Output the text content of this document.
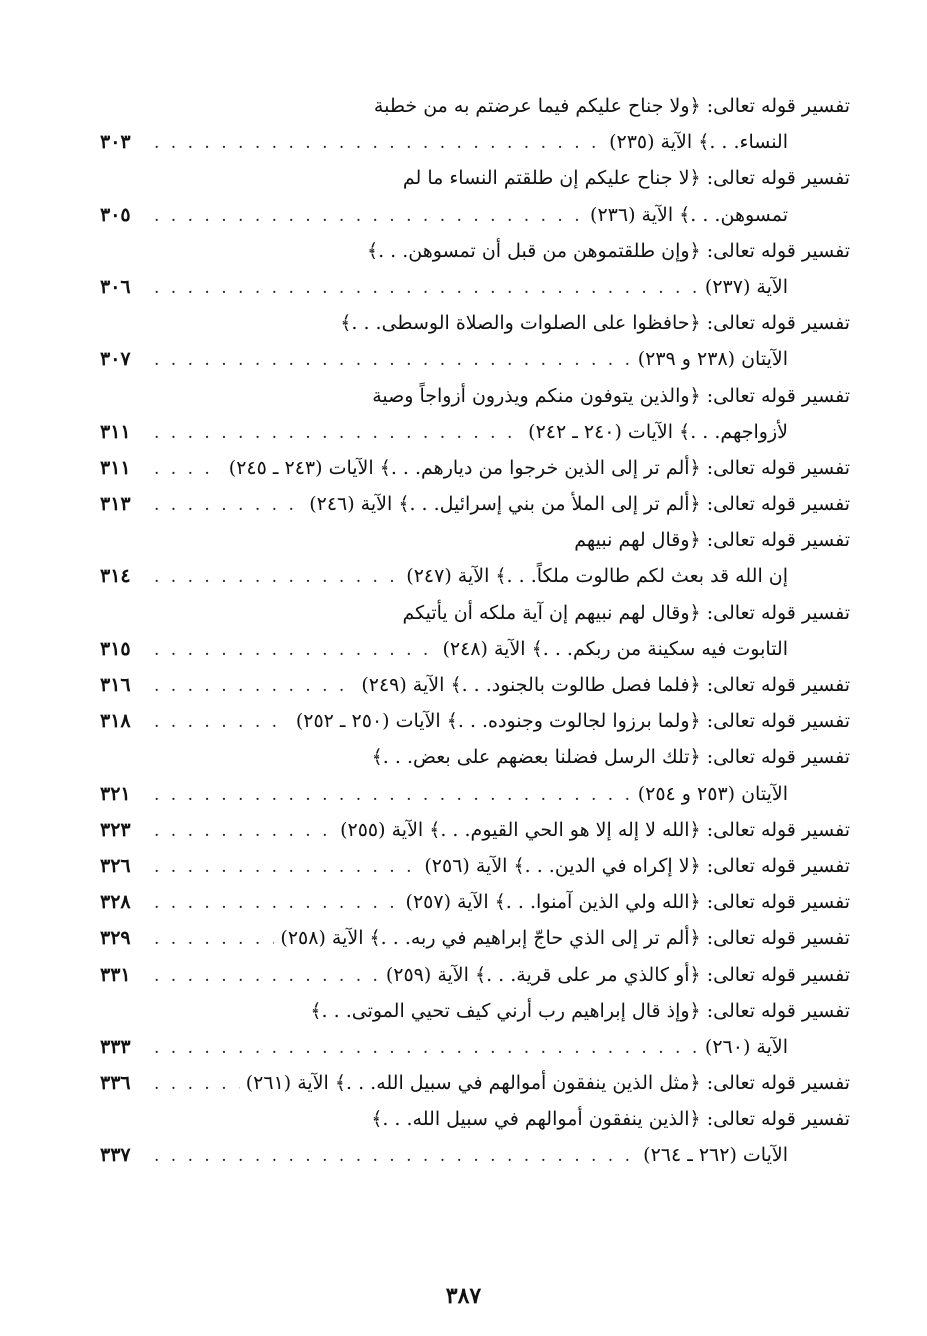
تفسير قوله تعالى: ﴿ولا جناح عليكم فيما عرضتم به من خطبة
النساء. . .﴾ الآية (٢٣٥)
. . .
٣٠٣
تفسير قوله تعالى: ﴿لا جناح عليكم إن طلقتم النساء ما لم
تمسوهن. . .﴾ الآية (٢٣٦)
. . .
٣٠٥
تفسير قوله تعالى: ﴿وإن طلقتموهن من قبل أن تمسوهن. . .﴾
الآية (٢٣٧)
. . .
٣٠٦
تفسير قوله تعالى: ﴿حافظوا على الصلوات والصلاة الوسطى. . .﴾
الآيتان (٢٣٨ و ٢٣٩)
. . .
٣٠٧
تفسير قوله تعالى: ﴿والذين يتوفون منكم ويذرون أزواجاً وصية
لأزواجهم. . .﴾ الآيات (٢٤٠ ـ ٢٤٢)
. . .
٣١١
تفسير قوله تعالى: ﴿ألم تر إلى الذين خرجوا من ديارهم. . .﴾ الآيات (٢٤٣ ـ ٢٤٥)
. . .
٣١١
تفسير قوله تعالى: ﴿ألم تر إلى الملأ من بني إسرائيل. . .﴾ الآية (٢٤٦)
. . .
٣١٣
تفسير قوله تعالى: ﴿وقال لهم نبيهم
إن الله قد بعث لكم طالوت ملكاً. . .﴾ الآية (٢٤٧)
. . .
٣١٤
تفسير قوله تعالى: ﴿وقال لهم نبيهم إن آية ملكه أن يأتيكم
التابوت فيه سكينة من ربكم. . .﴾ الآية (٢٤٨)
. . .
٣١٥
تفسير قوله تعالى: ﴿فلما فصل طالوت بالجنود. . .﴾ الآية (٢٤٩)
. . .
٣١٦
تفسير قوله تعالى: ﴿ولما برزوا لجالوت وجنوده. . .﴾ الآيات (٢٥٠ ـ ٢٥٢)
. . .
٣١٨
تفسير قوله تعالى: ﴿تلك الرسل فضلنا بعضهم على بعض. . .﴾
الآيتان (٢٥٣ و ٢٥٤)
. . .
٣٢١
تفسير قوله تعالى: ﴿الله لا إله إلا هو الحي القيوم. . .﴾ الآية (٢٥٥)
. . .
٣٢٣
تفسير قوله تعالى: ﴿لا إكراه في الدين. . .﴾ الآية (٢٥٦)
. . .
٣٢٦
تفسير قوله تعالى: ﴿الله ولي الذين آمنوا. . .﴾ الآية (٢٥٧)
. . .
٣٢٨
تفسير قوله تعالى: ﴿ألم تر إلى الذي حاجّ إبراهيم في ربه. . .﴾ الآية (٢٥٨)
. . .
٣٢٩
تفسير قوله تعالى: ﴿أو كالذي مر على قرية. . .﴾ الآية (٢٥٩)
. . .
٣٣١
تفسير قوله تعالى: ﴿وإذ قال إبراهيم رب أرني كيف تحيي الموتى. . .﴾
الآية (٢٦٠)
. . .
٣٣٣
تفسير قوله تعالى: ﴿مثل الذين ينفقون أموالهم في سبيل الله. . .﴾ الآية (٢٦١)
. . .
٣٣٦
تفسير قوله تعالى: ﴿الذين ينفقون أموالهم في سبيل الله. . .﴾
الآيات (٢٦٢ ـ ٢٦٤)
. . .
٣٣٧
٣٨٧
